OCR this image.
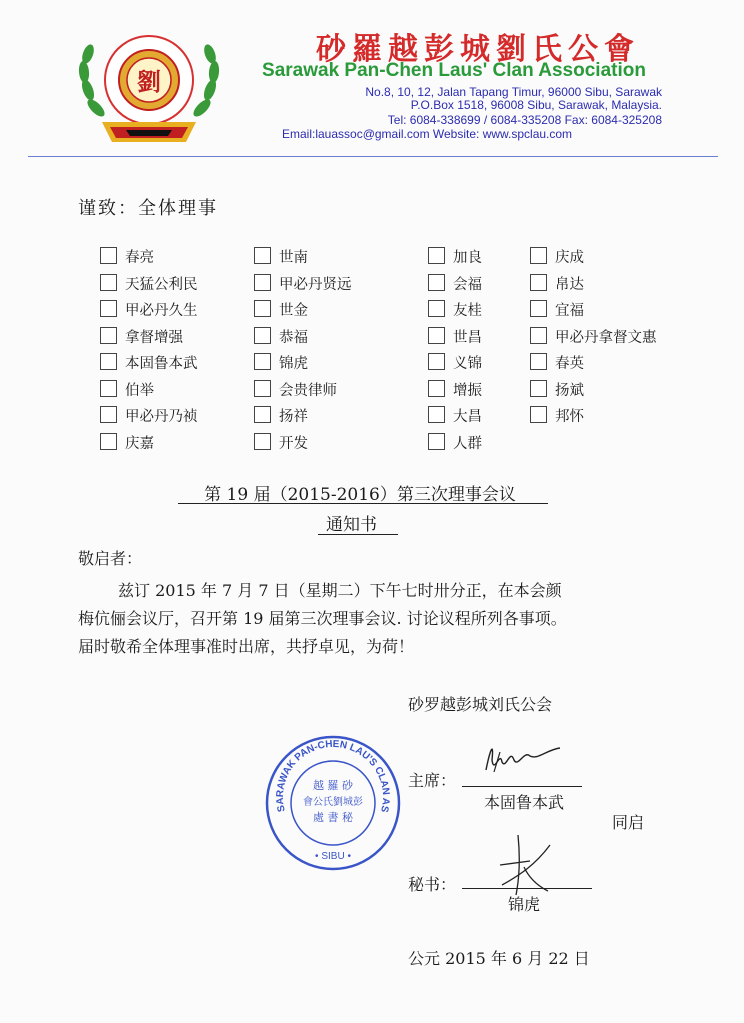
劉
砂羅越彭城劉氏公會
Sarawak Pan-Chen Laus' Clan Association
No.8, 10, 12, Jalan Tapang Timur, 96000 Sibu, Sarawak
P.O.Box 1518, 96008 Sibu, Sarawak, Malaysia.
Tel: 6084-338699 / 6084-335208 Fax: 6084-325208
Email:lauassoc@gmail.com Website: www.spclau.com
谨致：全体理事
春亮
天猛公利民
甲必丹久生
拿督增强
本固鲁本武
伯举
甲必丹乃祯
庆嘉
世南
甲必丹贤远
世金
恭福
锦虎
会贵律师
扬祥
开发
加良
会福
友桂
世昌
义锦
增振
大昌
人群
庆成
帛达
宜福
甲必丹拿督文惠
春英
扬斌
邦怀
第 19 届（2015-2016）第三次理事会议
通知书
敬启者：
兹订 2015 年 7 月 7 日（星期二）下午七时卅分正，在本会颜
梅伉俪会议厅，召开第 19 届第三次理事会议. 讨论议程所列各事项。
届时敬希全体理事准时出席，共抒卓见，为荷！
砂罗越彭城刘氏公会
SARAWAK PAN-CHEN LAU'S CLAN AS
越 羅 砂
會公氏劉城彭
處 書 秘
• SIBU •
主席：
本固鲁本武
同启
秘书：
锦虎
公元 2015 年 6 月 22 日
